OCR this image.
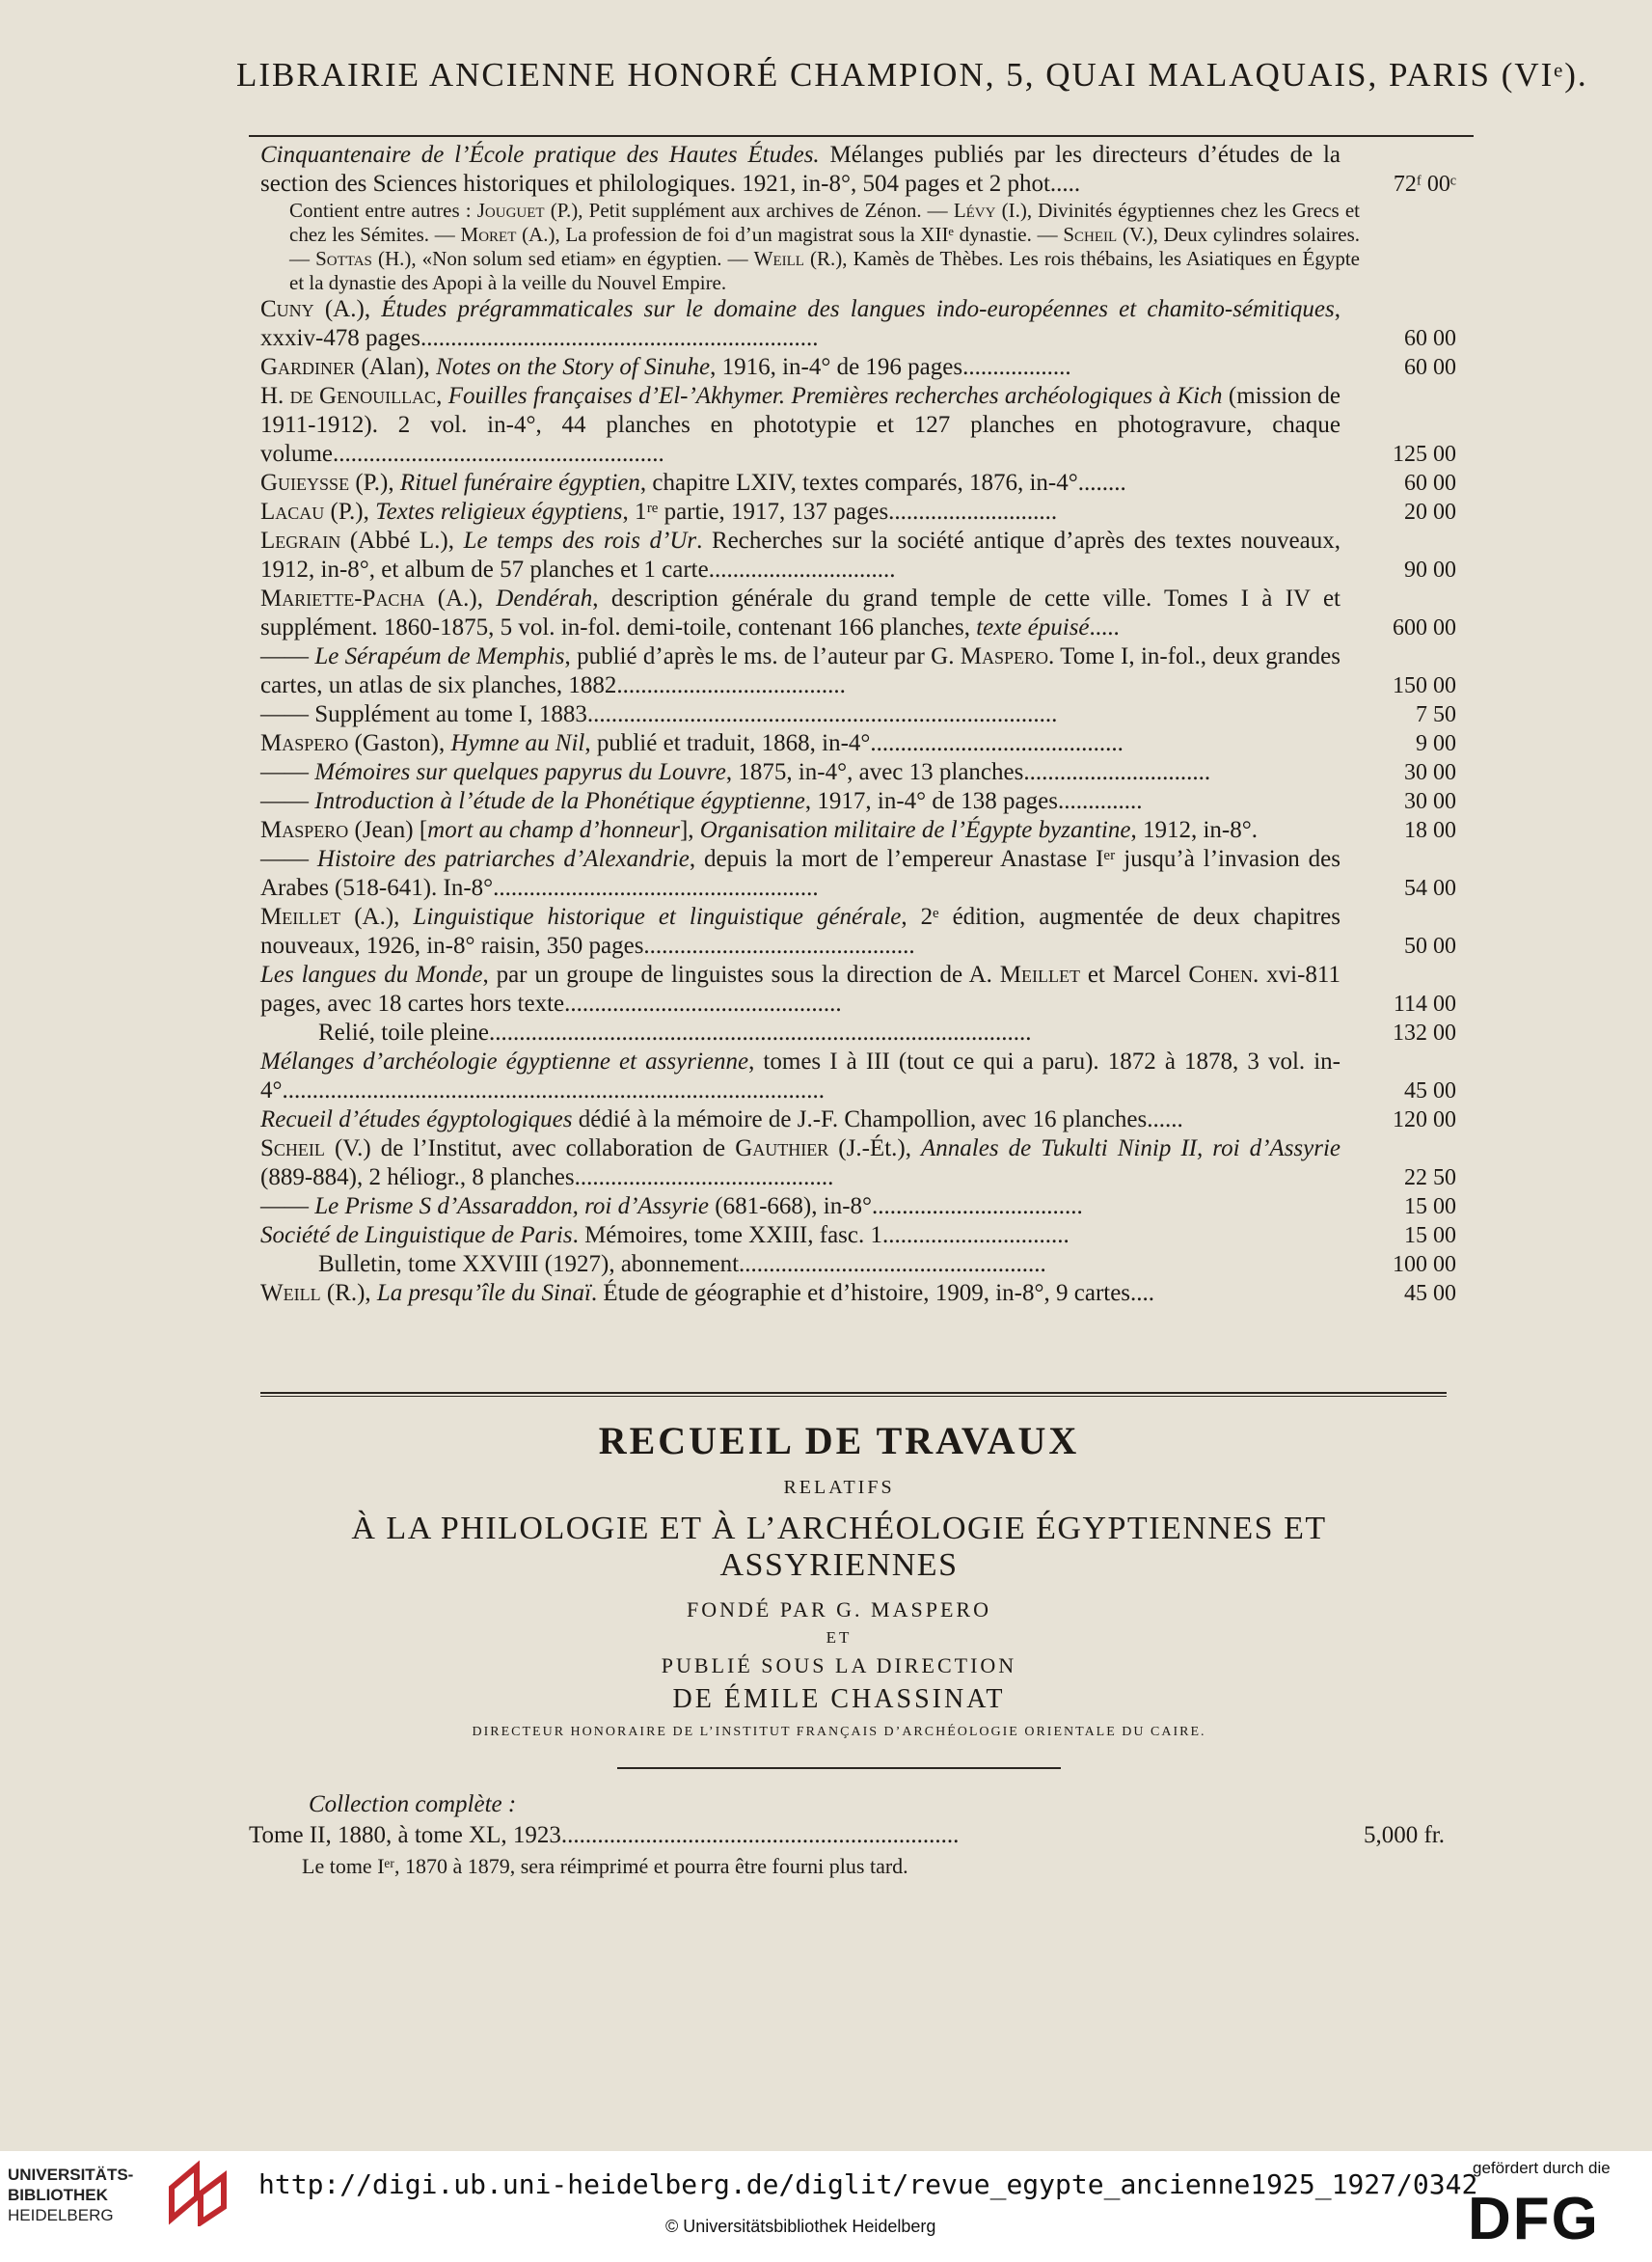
LIBRAIRIE ANCIENNE HONORÉ CHAMPION, 5, QUAI MALAQUAIS, PARIS (VIᵉ).
Cinquantenaire de l’École pratique des Hautes Études. Mélanges publiés par les directeurs d’études de la section des Sciences historiques et philologiques. 1921, in-8°, 504 pages et 2 phot.....	72ᶠ 00ᶜ
Contient entre autres : Jouguet (P.), Petit supplément aux archives de Zénon. — Lévy (I.), Divinités égyptiennes chez les Grecs et chez les Sémites. — Moret (A.), La profession de foi d’un magistrat sous la XIIᵉ dynastie. — Scheil (V.), Deux cylindres solaires. — Sottas (H.), «Non solum sed etiam» en égyptien. — Weill (R.), Kamès de Thèbes. Les rois thébains, les Asiatiques en Égypte et la dynastie des Apopi à la veille du Nouvel Empire.
Cuny (A.), Études prégrammaticales sur le domaine des langues indo-européennes et chamito-sémitiques, xxxiv-478 pages..................................................................	60 00
Gardiner (Alan), Notes on the Story of Sinuhe, 1916, in-4° de 196 pages..................	60 00
H. de Genouillac, Fouilles françaises d’El-’Akhymer. Premières recherches archéologiques à Kich (mission de 1911-1912). 2 vol. in-4°, 44 planches en phototypie et 127 planches en photogravure, chaque volume.......................................................	125 00
Guieysse (P.), Rituel funéraire égyptien, chapitre LXIV, textes comparés, 1876, in-4°........	60 00
Lacau (P.), Textes religieux égyptiens, 1ʳᵉ partie, 1917, 137 pages............................	20 00
Legrain (Abbé L.), Le temps des rois d’Ur. Recherches sur la société antique d’après des textes nouveaux, 1912, in-8°, et album de 57 planches et 1 carte...............................	90 00
Mariette-Pacha (A.), Dendérah, description générale du grand temple de cette ville. Tomes I à IV et supplément. 1860-1875, 5 vol. in-fol. demi-toile, contenant 166 planches, texte épuisé.....	600 00
—— Le Sérapéum de Memphis, publié d’après le ms. de l’auteur par G. Maspero. Tome I, in-fol., deux grandes cartes, un atlas de six planches, 1882......................................	150 00
—— Supplément au tome I, 1883..............................................................................	7 50
Maspero (Gaston), Hymne au Nil, publié et traduit, 1868, in-4°..........................................	9 00
—— Mémoires sur quelques papyrus du Louvre, 1875, in-4°, avec 13 planches...............................	30 00
—— Introduction à l’étude de la Phonétique égyptienne, 1917, in-4° de 138 pages..............	30 00
Maspero (Jean) [mort au champ d’honneur], Organisation militaire de l’Égypte byzantine, 1912, in-8°.	18 00
—— Histoire des patriarches d’Alexandrie, depuis la mort de l’empereur Anastase Iᵉʳ jusqu’à l’invasion des Arabes (518-641). In-8°......................................................	54 00
Meillet (A.), Linguistique historique et linguistique générale, 2ᵉ édition, augmentée de deux chapitres nouveaux, 1926, in-8° raisin, 350 pages.............................................	50 00
Les langues du Monde, par un groupe de linguistes sous la direction de A. Meillet et Marcel Cohen. xvi-811 pages, avec 18 cartes hors texte..............................................	114 00
Relié, toile pleine..........................................................................................	132 00
Mélanges d’archéologie égyptienne et assyrienne, tomes I à III (tout ce qui a paru). 1872 à 1878, 3 vol. in-4°..........................................................................................	45 00
Recueil d’études égyptologiques dédié à la mémoire de J.-F. Champollion, avec 16 planches......	120 00
Scheil (V.) de l’Institut, avec collaboration de Gauthier (J.-Ét.), Annales de Tukulti Ninip II, roi d’Assyrie (889-884), 2 héliogr., 8 planches...........................................	22 50
—— Le Prisme S d’Assaraddon, roi d’Assyrie (681-668), in-8°...................................	15 00
Société de Linguistique de Paris. Mémoires, tome XXIII, fasc. 1...............................	15 00
Bulletin, tome XXVIII (1927), abonnement...................................................	100 00
Weill (R.), La presqu’île du Sinaï. Étude de géographie et d’histoire, 1909, in-8°, 9 cartes....	45 00
RECUEIL DE TRAVAUX
RELATIFS
À LA PHILOLOGIE ET À L’ARCHÉOLOGIE ÉGYPTIENNES ET ASSYRIENNES
FONDÉ PAR G. MASPERO
ET
PUBLIÉ SOUS LA DIRECTION
DE ÉMILE CHASSINAT
DIRECTEUR HONORAIRE DE L’INSTITUT FRANÇAIS D’ARCHÉOLOGIE ORIENTALE DU CAIRE.
Collection complète :
Tome II, 1880, à tome XL, 1923..................................................................	5,000 fr.
Le tome Iᵉʳ, 1870 à 1879, sera réimprimé et pourra être fourni plus tard.
UNIVERSITÄTS-
BIBLIOTHEK
HEIDELBERG
http://digi.ub.uni-heidelberg.de/diglit/revue_egypte_ancienne1925_1927/0342
© Universitätsbibliothek Heidelberg
gefördert durch die
DFG
